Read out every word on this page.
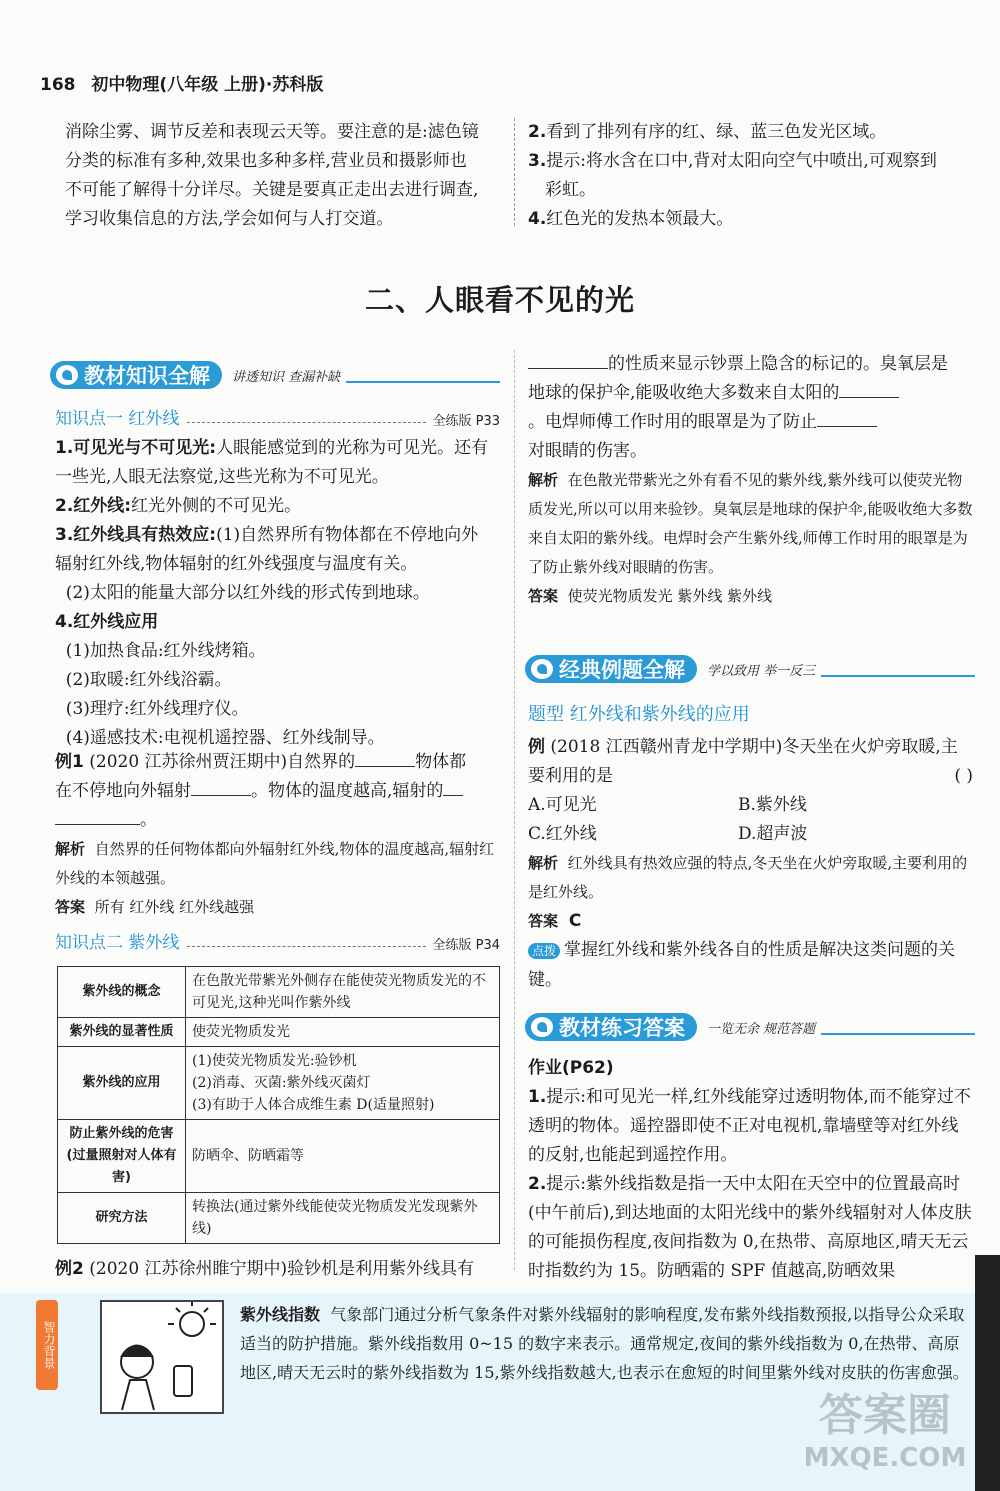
168 初中物理(八年级 上册)·苏科版

消除尘雾、调节反差和表现云天等。要注意的是:滤色镜

分类的标准有多种,效果也多种多样,营业员和摄影师也

不可能了解得十分详尽。关键是要真正走出去进行调查,

学习收集信息的方法,学会如何与人打交道。

2.看到了排列有序的红、绿、蓝三色发光区域。

3.提示:将水含在口中,背对太阳向空气中喷出,可观察到

彩虹。

4.红色光的发热本领最大。

二、人眼看不见的光
教材知识全解 讲透知识 查漏补缺
知识点一 红外线	全练版 P33

1.可见光与不可见光:人眼能感觉到的光称为可见光。还有

一些光,人眼无法察觉,这些光称为不可见光。

2.红外线:红光外侧的不可见光。

3.红外线具有热效应:(1)自然界所有物体都在不停地向外

辐射红外线,物体辐射的红外线强度与温度有关。

(2)太阳的能量大部分以红外线的形式传到地球。

4.红外线应用

(1)加热食品:红外线烤箱。

(2)取暖:红外线浴霸。

(3)理疗:红外线理疗仪。

(4)遥感技术:电视机遥控器、红外线制导。

例1 (2020 江苏徐州贾汪期中)自然界的	物体都

在不停地向外辐射	。物体的温度越高,辐射的

。

解析 自然界的任何物体都向外辐射红外线,物体的温度越高,辐射红外线的本领越强。

答案 所有 红外线 红外线越强

知识点二 紫外线	全练版 P34
紫外线的概念	在色散光带紫光外侧存在能使荧光物质发光的不可见光,这种光叫作紫外线
紫外线的显著性质	使荧光物质发光
紫外线的应用	(1)使荧光物质发光:验钞机
(2)消毒、灭菌:紫外线灭菌灯
(3)有助于人体合成维生素 D(适量照射)
防止紫外线的危害(过量照射对人体有害)	防晒伞、防晒霜等
研究方法	转换法(通过紫外线能使荧光物质发光发现紫外线)

例2 (2020 江苏徐州睢宁期中)验钞机是利用紫外线具有

的性质来显示钞票上隐含的标记的。臭氧层是

地球的保护伞,能吸收绝大多数来自太阳的

。电焊师傅工作时用的眼罩是为了防止

对眼睛的伤害。

解析 在色散光带紫光之外有看不见的紫外线,紫外线可以使荧光物质发光,所以可以用来验钞。臭氧层是地球的保护伞,能吸收绝大多数来自太阳的紫外线。电焊时会产生紫外线,师傅工作时用的眼罩是为了防止紫外线对眼睛的伤害。

答案 使荧光物质发光 紫外线 紫外线

经典例题全解 学以致用 举一反三
题型 红外线和紫外线的应用

例 (2018 江西赣州青龙中学期中)冬天坐在火炉旁取暖,主要利用的是	( )

A.可见光	B.紫外线

C.红外线	D.超声波

解析 红外线具有热效应强的特点,冬天坐在火炉旁取暖,主要利用的是红外线。

答案 C

点拨 掌握红外线和紫外线各自的性质是解决这类问题的关键。

教材练习答案 一览无余 规范答题

作业(P62)

1.提示:和可见光一样,红外线能穿过透明物体,而不能穿过不透明的物体。遥控器即使不正对电视机,靠墙壁等对红外线的反射,也能起到遥控作用。

2.提示:紫外线指数是指一天中太阳在天空中的位置最高时(中午前后),到达地面的太阳光线中的紫外线辐射对人体皮肤的可能损伤程度,夜间指数为 0,在热带、高原地区,晴天无云时指数约为 15。防晒霜的 SPF 值越高,防晒效果

智力背景
紫外线指数 气象部门通过分析气象条件对紫外线辐射的影响程度,发布紫外线指数预报,以指导公众采取适当的防护措施。紫外线指数用 0~15 的数字来表示。通常规定,夜间的紫外线指数为 0,在热带、高原地区,晴天无云时的紫外线指数为 15,紫外线指数越大,也表示在愈短的时间里紫外线对皮肤的伤害愈强。
答案圈
MXQE.COM
